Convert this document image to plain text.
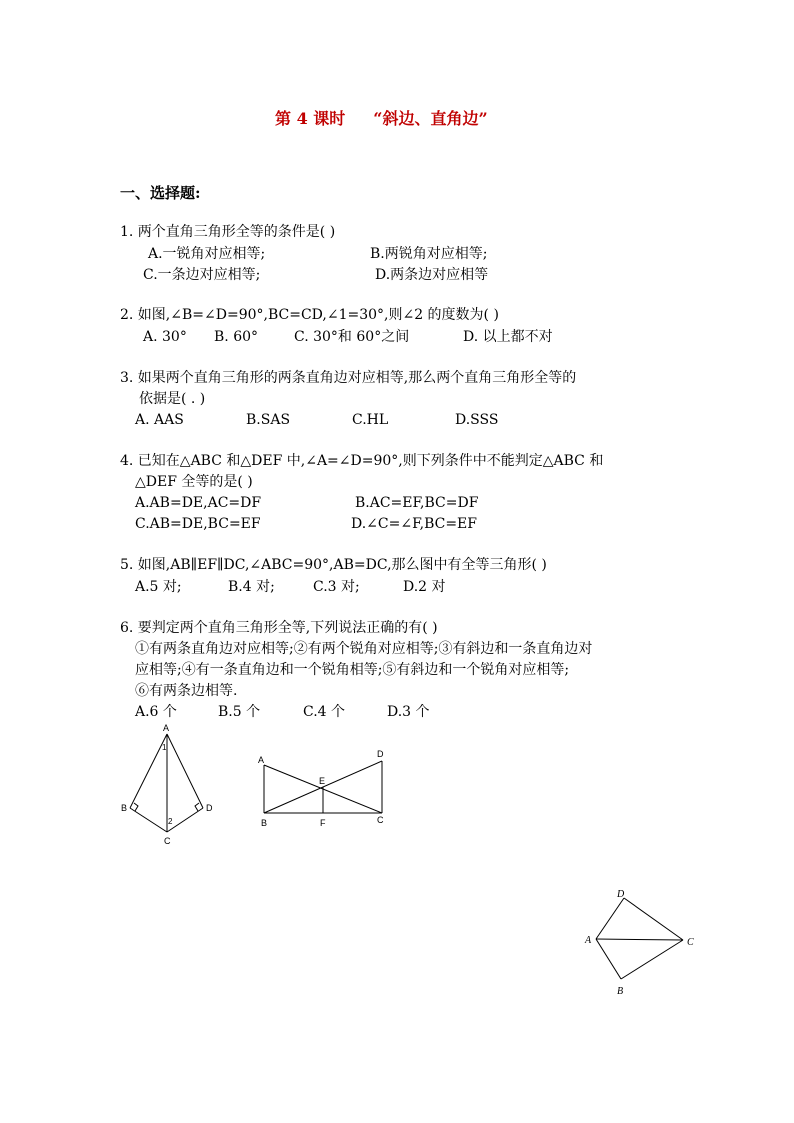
第 4 课时 “斜边、直角边”
一、选择题:
1. 两个直角三角形全等的条件是( )
A.一锐角对应相等;	B.两锐角对应相等;
C.一条边对应相等;	D.两条边对应相等
2. 如图,∠B=∠D=90°,BC=CD,∠1=30°,则∠2 的度数为( )
A. 30° B. 60°	C. 30°和 60°之间	D. 以上都不对
3. 如果两个直角三角形的两条直角边对应相等,那么两个直角三角形全等的
依据是( . )
A. AAS	B.SAS	C.HL	D.SSS
4. 已知在△ABC 和△DEF 中,∠A=∠D=90°,则下列条件中不能判定△ABC 和
△DEF 全等的是( )
A.AB=DE,AC=DF	B.AC=EF,BC=DF
C.AB=DE,BC=EF	D.∠C=∠F,BC=EF
5. 如图,AB∥EF∥DC,∠ABC=90°,AB=DC,那么图中有全等三角形( )
A.5 对;	B.4 对;	C.3 对;	D.2 对
6. 要判定两个直角三角形全等,下列说法正确的有( )
①有两条直角边对应相等;②有两个锐角对应相等;③有斜边和一条直角边对
应相等;④有一条直角边和一个锐角相等;⑤有斜边和一个锐角对应相等;
⑥有两条边相等.
A.6 个	B.5 个	C.4 个	D.3 个
A
B
C
D
1
2
A
B	C
D
E
F
D
A	C
B
